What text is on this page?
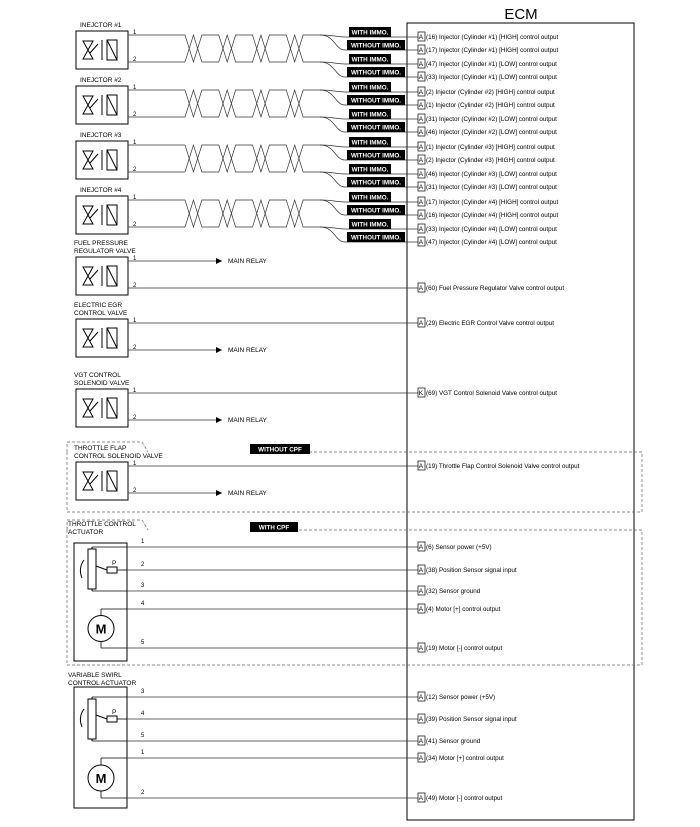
ECM
INEJCTOR #1
1
2
WITH IMMO.
WITHOUT IMMO.
WITH IMMO.
WITHOUT IMMO.
A (16) Injector (Cylinder #1) [HIGH] control output
A (17) Injector (Cylinder #1) [HIGH] control output
A (47) Injector (Cylinder #1) [LOW] control output
A (33) Injector (Cylinder #1) [LOW] control output
INEJCTOR #2
1
2
WITH IMMO.
WITHOUT IMMO.
WITH IMMO.
WITHOUT IMMO.
A (2) Injector (Cylinder #2) [HIGH] control output
A (1) Injector (Cylinder #2) [HIGH] control output
A (31) Injector (Cylinder #2) [LOW] control output
A (46) Injector (Cylinder #2) [LOW] control output
INEJCTOR #3
1
2
WITH IMMO.
WITHOUT IMMO.
WITH IMMO.
WITHOUT IMMO.
A (1) Injector (Cylinder #3) [HIGH] control output
A (2) Injector (Cylinder #3) [HIGH] control output
A (46) Injector (Cylinder #3) [LOW] control output
A (31) Injector (Cylinder #3) [LOW] control output
INEJCTOR #4
1
2
WITH IMMO.
WITHOUT IMMO.
WITH IMMO.
WITHOUT IMMO.
A (17) Injector (Cylinder #4) [HIGH] control output
A (16) Injector (Cylinder #4) [HIGH] control output
A (33) Injector (Cylinder #4) [LOW] control output
A (47) Injector (Cylinder #4) [LOW] control output
FUEL PRESSURE
REGULATOR VALVE
1
2
MAIN RELAY
A (60) Fuel Pressure Regulator Valve control output
ELECTRIC EGR
CONTROL VALVE
1
2	MAIN RELAY
A (29) Electric EGR Control Valve control output
VGT CONTROL
SOLENOID VALVE
1
2	MAIN RELAY
K (69) VGT Control Solenoid Valve control output
WITHOUT CPF
THROTTLE FLAP
CONTROL SOLENOID VALVE
1
2	MAIN RELAY
A (19) Throttle Flap Control Solenoid Valve control output
WITH CPF
THROTTLE CONTROL
ACTUATOR
P
M
1
A (6) Sensor power (+5V)
2
A (38) Position Sensor signal input
3
A (32) Sensor ground
4
A (4) Motor [+] control output
5
A (19) Motor [-] control output
VARIABLE SWIRL
CONTROL ACTUATOR
P
M
3
A (12) Sensor power (+5V)
4
A (39) Position Sensor signal input
5
A (41) Sensor ground
1
A (34) Motor [+] control output
2
A (49) Motor [-] control output
